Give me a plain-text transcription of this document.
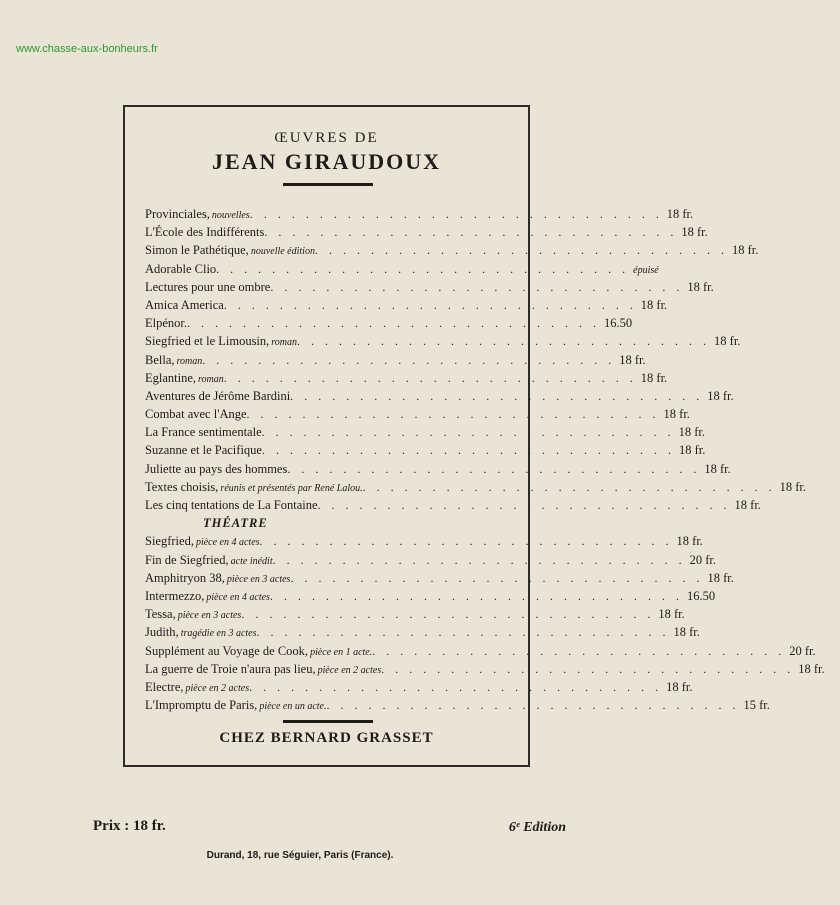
www.chasse-aux-bonheurs.fr
ŒUVRES DE
JEAN GIRAUDOUX
Provinciales, nouvelles . . . . . . . . . . . . . . . . . . . . . . . . . . . . . . 18 fr.
L'École des Indifférents . . . . . . . . . . . . . . . . . . . . . . . . . . . . . . 18 fr.
Simon le Pathétique, nouvelle édition . . . . . . . . . . . . . . . . . . . . . . . . . . . . . . 18 fr.
Adorable Clio . . . . . . . . . . . . . . . . . . . . . . . . . . . . . . épuisé
Lectures pour une ombre . . . . . . . . . . . . . . . . . . . . . . . . . . . . . . 18 fr.
Amica America . . . . . . . . . . . . . . . . . . . . . . . . . . . . . . 18 fr.
Elpénor. . . . . . . . . . . . . . . . . . . . . . . . . . . . . . . 16.50
Siegfried et le Limousin, roman . . . . . . . . . . . . . . . . . . . . . . . . . . . . . . 18 fr.
Bella, roman . . . . . . . . . . . . . . . . . . . . . . . . . . . . . . 18 fr.
Eglantine, roman . . . . . . . . . . . . . . . . . . . . . . . . . . . . . . 18 fr.
Aventures de Jérôme Bardini . . . . . . . . . . . . . . . . . . . . . . . . . . . . . . 18 fr.
Combat avec l'Ange . . . . . . . . . . . . . . . . . . . . . . . . . . . . . . 18 fr.
La France sentimentale . . . . . . . . . . . . . . . . . . . . . . . . . . . . . . 18 fr.
Suzanne et le Pacifique . . . . . . . . . . . . . . . . . . . . . . . . . . . . . . 18 fr.
Juliette au pays des hommes . . . . . . . . . . . . . . . . . . . . . . . . . . . . . . 18 fr.
Textes choisis, réunis et présentés par René Lalou. . . . . . . . . . . . . . . . . . . . . . . . . . . . . . . 18 fr.
Les cinq tentations de La Fontaine . . . . . . . . . . . . . . . . . . . . . . . . . . . . . . 18 fr.
THÉATRE
Siegfried, pièce en 4 actes . . . . . . . . . . . . . . . . . . . . . . . . . . . . . . 18 fr.
Fin de Siegfried, acte inédit . . . . . . . . . . . . . . . . . . . . . . . . . . . . . . 20 fr.
Amphitryon 38, pièce en 3 actes . . . . . . . . . . . . . . . . . . . . . . . . . . . . . . 18 fr.
Intermezzo, pièce en 4 actes . . . . . . . . . . . . . . . . . . . . . . . . . . . . . . 16.50
Tessa, pièce en 3 actes . . . . . . . . . . . . . . . . . . . . . . . . . . . . . . 18 fr.
Judith, tragédie en 3 actes . . . . . . . . . . . . . . . . . . . . . . . . . . . . . . 18 fr.
Supplément au Voyage de Cook, pièce en 1 acte. . . . . . . . . . . . . . . . . . . . . . . . . . . . . . . 20 fr.
La guerre de Troie n'aura pas lieu, pièce en 2 actes . . . . . . . . . . . . . . . . . . . . . . . . . . . . . . 18 fr.
Electre, pièce en 2 actes . . . . . . . . . . . . . . . . . . . . . . . . . . . . . . 18 fr.
L'Impromptu de Paris, pièce en un acte. . . . . . . . . . . . . . . . . . . . . . . . . . . . . . . 15 fr.
CHEZ BERNARD GRASSET
Prix : 18 fr.	6ᵉ Edition
Durand, 18, rue Séguier, Paris (France).
